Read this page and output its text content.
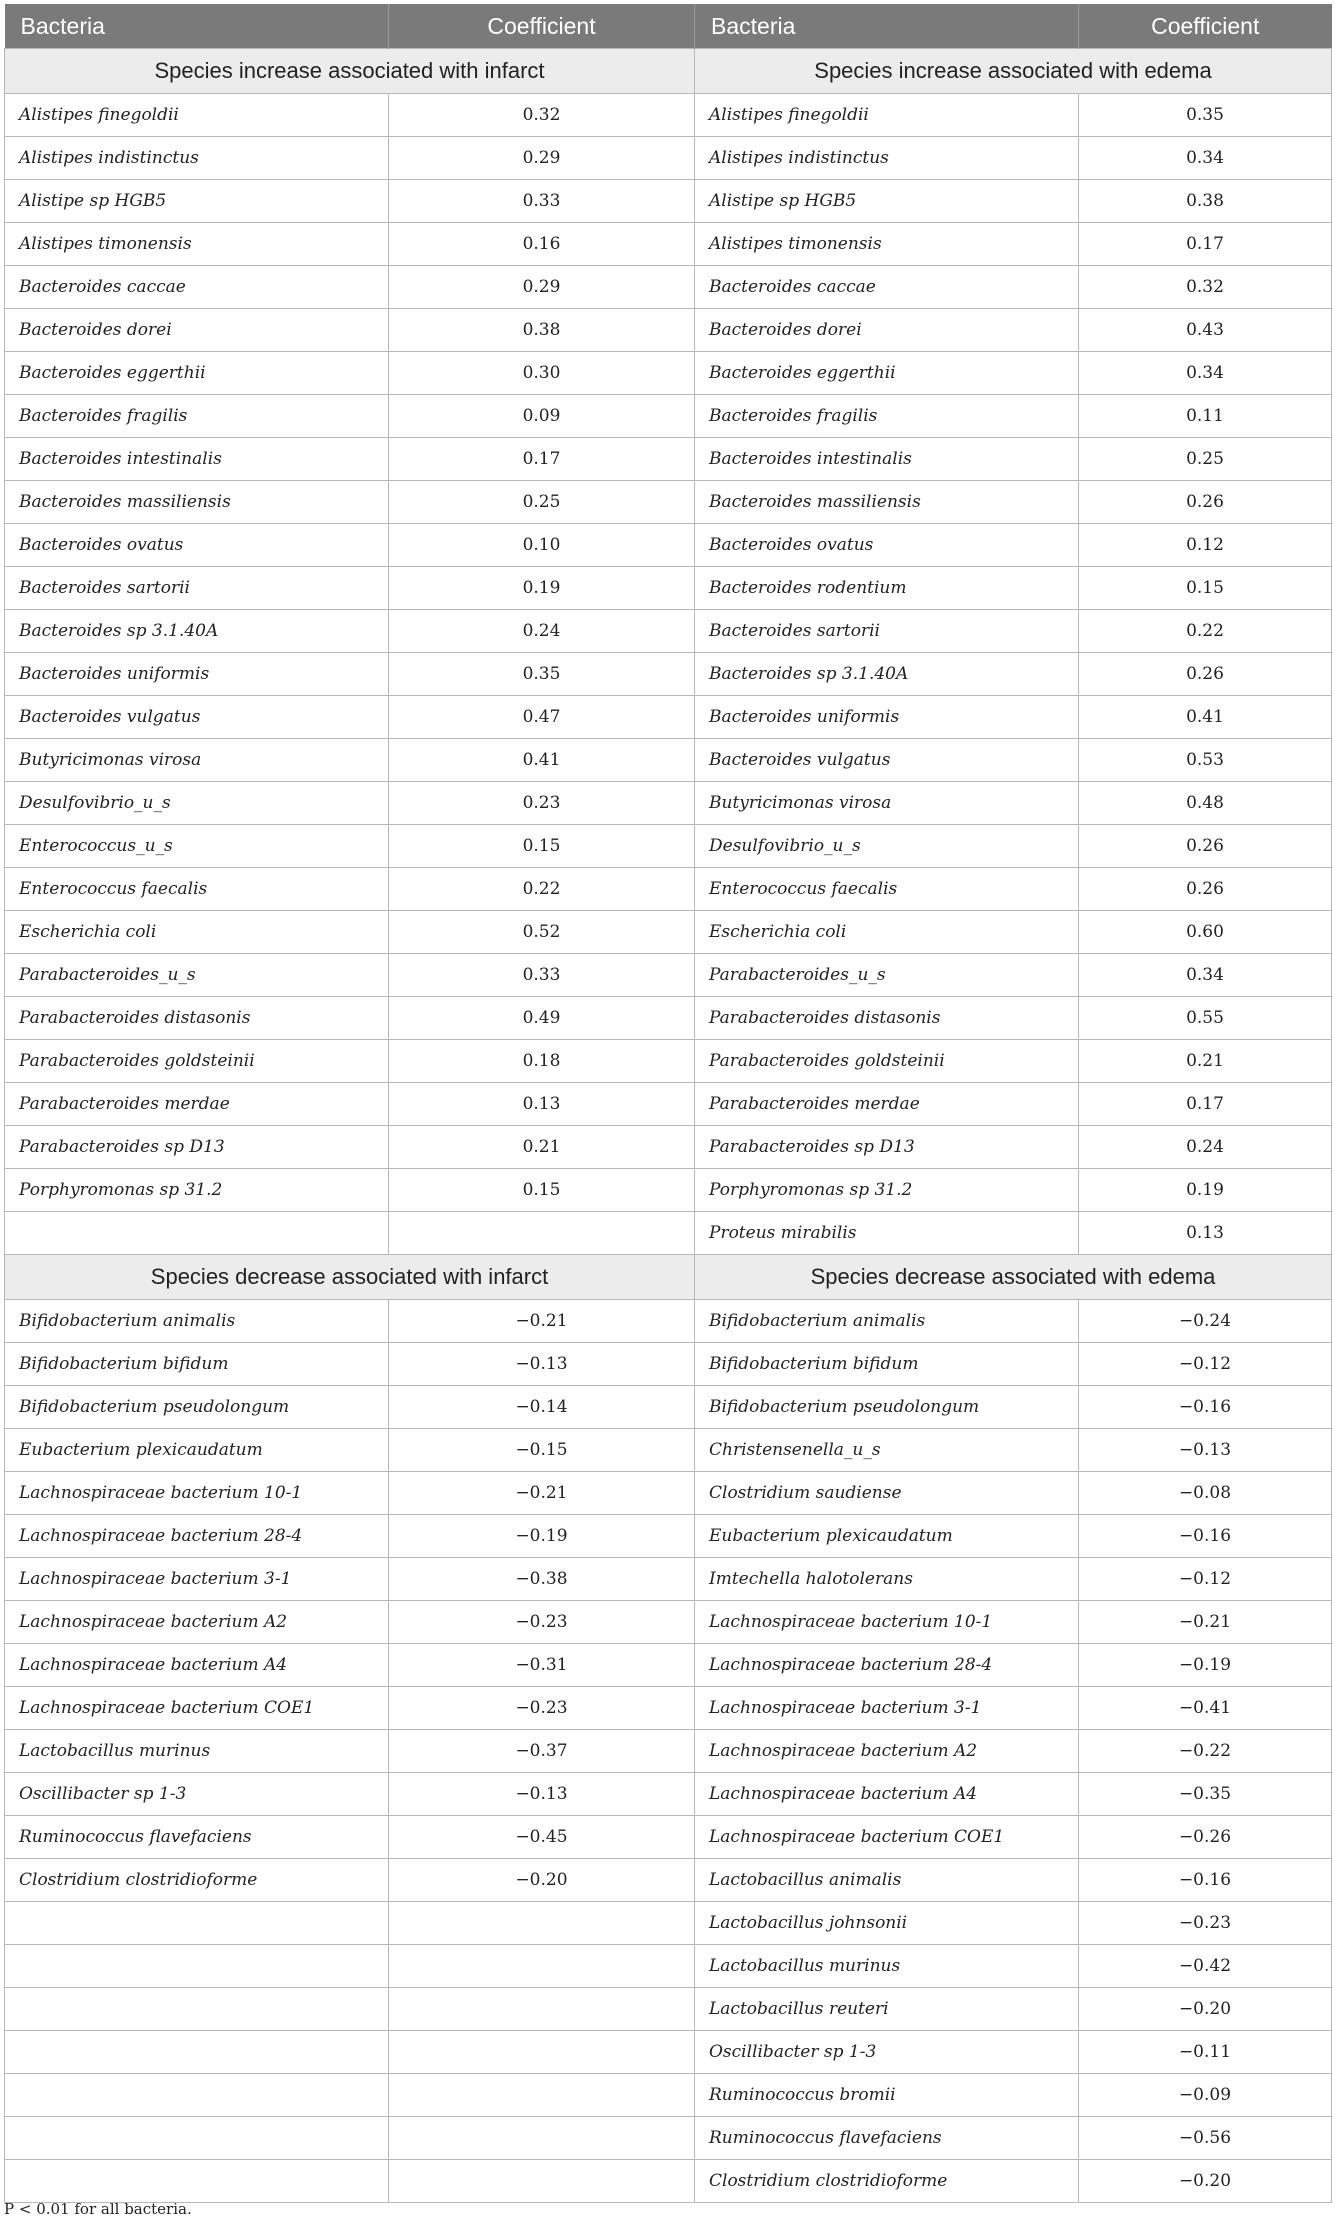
Bacteria	Coefficient	Bacteria	Coefficient
Species increase associated with infarct		Species increase associated with edema	
Alistipes finegoldii	0.32	Alistipes finegoldii	0.35
Alistipes indistinctus	0.29	Alistipes indistinctus	0.34
Alistipe sp HGB5	0.33	Alistipe sp HGB5	0.38
Alistipes timonensis	0.16	Alistipes timonensis	0.17
Bacteroides caccae	0.29	Bacteroides caccae	0.32
Bacteroides dorei	0.38	Bacteroides dorei	0.43
Bacteroides eggerthii	0.30	Bacteroides eggerthii	0.34
Bacteroides fragilis	0.09	Bacteroides fragilis	0.11
Bacteroides intestinalis	0.17	Bacteroides intestinalis	0.25
Bacteroides massiliensis	0.25	Bacteroides massiliensis	0.26
Bacteroides ovatus	0.10	Bacteroides ovatus	0.12
Bacteroides sartorii	0.19	Bacteroides rodentium	0.15
Bacteroides sp 3.1.40A	0.24	Bacteroides sartorii	0.22
Bacteroides uniformis	0.35	Bacteroides sp 3.1.40A	0.26
Bacteroides vulgatus	0.47	Bacteroides uniformis	0.41
Butyricimonas virosa	0.41	Bacteroides vulgatus	0.53
Desulfovibrio_u_s	0.23	Butyricimonas virosa	0.48
Enterococcus_u_s	0.15	Desulfovibrio_u_s	0.26
Enterococcus faecalis	0.22	Enterococcus faecalis	0.26
Escherichia coli	0.52	Escherichia coli	0.60
Parabacteroides_u_s	0.33	Parabacteroides_u_s	0.34
Parabacteroides distasonis	0.49	Parabacteroides distasonis	0.55
Parabacteroides goldsteinii	0.18	Parabacteroides goldsteinii	0.21
Parabacteroides merdae	0.13	Parabacteroides merdae	0.17
Parabacteroides sp D13	0.21	Parabacteroides sp D13	0.24
Porphyromonas sp 31.2	0.15	Porphyromonas sp 31.2	0.19
		Proteus mirabilis	0.13
Species decrease associated with infarct		Species decrease associated with edema	
Bifidobacterium animalis	−0.21	Bifidobacterium animalis	−0.24
Bifidobacterium bifidum	−0.13	Bifidobacterium bifidum	−0.12
Bifidobacterium pseudolongum	−0.14	Bifidobacterium pseudolongum	−0.16
Eubacterium plexicaudatum	−0.15	Christensenella_u_s	−0.13
Lachnospiraceae bacterium 10-1	−0.21	Clostridium saudiense	−0.08
Lachnospiraceae bacterium 28-4	−0.19	Eubacterium plexicaudatum	−0.16
Lachnospiraceae bacterium 3-1	−0.38	Imtechella halotolerans	−0.12
Lachnospiraceae bacterium A2	−0.23	Lachnospiraceae bacterium 10-1	−0.21
Lachnospiraceae bacterium A4	−0.31	Lachnospiraceae bacterium 28-4	−0.19
Lachnospiraceae bacterium COE1	−0.23	Lachnospiraceae bacterium 3-1	−0.41
Lactobacillus murinus	−0.37	Lachnospiraceae bacterium A2	−0.22
Oscillibacter sp 1-3	−0.13	Lachnospiraceae bacterium A4	−0.35
Ruminococcus flavefaciens	−0.45	Lachnospiraceae bacterium COE1	−0.26
Clostridium clostridioforme	−0.20	Lactobacillus animalis	−0.16
		Lactobacillus johnsonii	−0.23
		Lactobacillus murinus	−0.42
		Lactobacillus reuteri	−0.20
		Oscillibacter sp 1-3	−0.11
		Ruminococcus bromii	−0.09
		Ruminococcus flavefaciens	−0.56
		Clostridium clostridioforme	−0.20
P < 0.01 for all bacteria.
